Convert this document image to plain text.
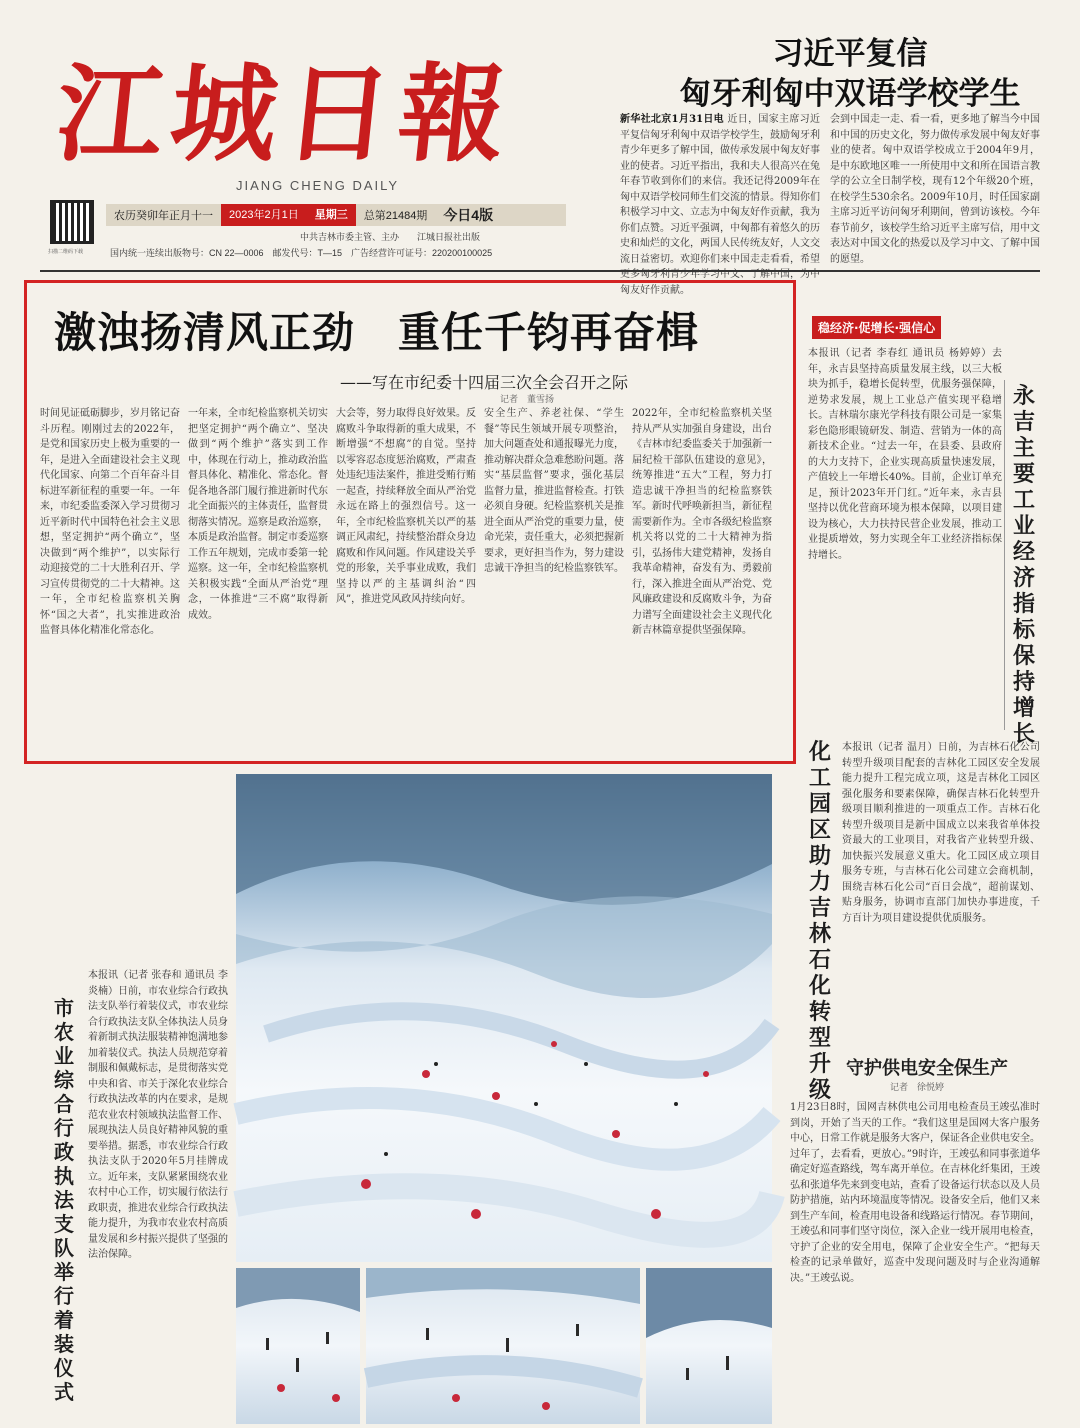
江城日報
JIANG CHENG DAILY
扫描二维码下载
农历癸卯年正月十一	2023年2月1日	星期三	总第21484期	今日4版
中共吉林市委主管、主办　　江城日报社出版
国内统一连续出版物号：CN 22—0006　邮发代号：T—15　广告经营许可证号：220200100025
习近平复信
匈牙利匈中双语学校学生
新华社北京1月31日电 近日，国家主席习近平复信匈牙利匈中双语学校学生，鼓励匈牙利青少年更多了解中国，做传承发展中匈友好事业的使者。习近平指出，我和夫人很高兴在兔年春节收到你们的来信。我还记得2009年在匈中双语学校同师生们交流的情景。得知你们积极学习中文、立志为中匈友好作贡献，我为你们点赞。习近平强调，中匈都有着悠久的历史和灿烂的文化，两国人民传统友好，人文交流日益密切。欢迎你们来中国走走看看，希望更多匈牙利青少年学习中文、了解中国，为中匈友好作贡献。
会到中国走一走、看一看，更多地了解当今中国和中国的历史文化，努力做传承发展中匈友好事业的使者。匈中双语学校成立于2004年9月，是中东欧地区唯一一所使用中文和所在国语言教学的公立全日制学校，现有12个年级20个班，在校学生530余名。2009年10月，时任国家副主席习近平访问匈牙利期间，曾到访该校。今年春节前夕，该校学生给习近平主席写信，用中文表达对中国文化的热爱以及学习中文、了解中国的愿望。
激浊扬清风正劲　重任千钧再奋楫
——写在市纪委十四届三次全会召开之际
记者　董雪扬
时间见证砥砺脚步，岁月铭记奋斗历程。刚刚过去的2022年，是党和国家历史上极为重要的一年，是进入全面建设社会主义现代化国家、向第二个百年奋斗目标进军新征程的重要一年。一年来，市纪委监委深入学习贯彻习近平新时代中国特色社会主义思想，坚定拥护“两个确立”，坚决做到“两个维护”，以实际行动迎接党的二十大胜利召开、学习宣传贯彻党的二十大精神。这一年，全市纪检监察机关胸怀“国之大者”，扎实推进政治监督具体化精准化常态化。
一年来，全市纪检监察机关切实把坚定拥护“两个确立”、坚决做到“两个维护”落实到工作中，体现在行动上，推动政治监督具体化、精准化、常态化。督促各地各部门履行推进新时代东北全面振兴的主体责任，监督贯彻落实情况。巡察是政治巡察，本质是政治监督。制定市委巡察工作五年规划，完成市委第一轮巡察。这一年，全市纪检监察机关积极实践“全面从严治党”理念，一体推进“三不腐”取得新成效。
大会等，努力取得良好效果。反腐败斗争取得新的重大成果，不断增强“不想腐”的自觉。坚持以零容忍态度惩治腐败，严肃查处违纪违法案件，推进受贿行贿一起查，持续释放全面从严治党永远在路上的强烈信号。这一年，全市纪检监察机关以严的基调正风肃纪，持续整治群众身边腐败和作风问题。作风建设关乎党的形象，关乎事业成败，我们坚持以严的主基调纠治“四风”，推进党风政风持续向好。
安全生产、养老社保、“学生餐”等民生领域开展专项整治，加大问题查处和通报曝光力度，推动解决群众急难愁盼问题。落实“基层监督”要求，强化基层监督力量，推进监督检查。打铁必须自身硬。纪检监察机关是推进全面从严治党的重要力量，使命光荣，责任重大，必须把握新要求，更好担当作为，努力建设忠诚干净担当的纪检监察铁军。
2022年，全市纪检监察机关坚持从严从实加强自身建设，出台《吉林市纪委监委关于加强新一届纪检干部队伍建设的意见》，统筹推进“五大”工程，努力打造忠诚干净担当的纪检监察铁军。新时代呼唤新担当，新征程需要新作为。全市各级纪检监察机关将以党的二十大精神为指引，弘扬伟大建党精神，发扬自我革命精神，奋发有为、勇毅前行，深入推进全面从严治党、党风廉政建设和反腐败斗争，为奋力谱写全面建设社会主义现代化新吉林篇章提供坚强保障。
稳经济·促增长·强信心
本报讯（记者 李春红 通讯员 杨婷婷）去年，永吉县坚持高质量发展主线，以三大板块为抓手，稳增长促转型，优服务强保障，逆势求发展，规上工业总产值实现平稳增长。吉林瑞尔康光学科技有限公司是一家集彩色隐形眼镜研发、制造、营销为一体的高新技术企业。“过去一年，在县委、县政府的大力支持下，企业实现高质量快速发展，产值较上一年增长40%。目前，企业订单充足，预计2023年开门红。”近年来，永吉县坚持以优化营商环境为根本保障，以项目建设为核心，大力扶持民营企业发展，推动工业提质增效，努力实现全年工业经济指标保持增长。
永吉主要工业经济指标保持增长
化工园区助力吉林石化转型升级
本报讯（记者 温月）日前，为吉林石化公司转型升级项目配套的吉林化工园区安全发展能力提升工程完成立项，这是吉林化工园区强化服务和要素保障，确保吉林石化转型升级项目顺利推进的一项重点工作。吉林石化转型升级项目是新中国成立以来我省单体投资最大的工业项目，对我省产业转型升级、加快振兴发展意义重大。化工园区成立项目服务专班，与吉林石化公司建立会商机制，围绕吉林石化公司“百日会战”，超前谋划、贴身服务，协调市直部门加快办事进度，千方百计为项目建设提供优质服务。
守护供电安全保生产
记者　徐悦婷
1月23日8时，国网吉林供电公司用电检查员王竣弘准时到岗，开始了当天的工作。“我们这里是国网大客户服务中心，日常工作就是服务大客户，保证各企业供电安全。过年了，去看看，更放心。”9时许，王竣弘和同事张道华确定好巡查路线，驾车离开单位。在吉林化纤集团，王竣弘和张道华先来到变电站，查看了设备运行状态以及人员防护措施，站内环境温度等情况。设备安全后，他们又来到生产车间，检查用电设备和线路运行情况。春节期间，王竣弘和同事们坚守岗位，深入企业一线开展用电检查，守护了企业的安全用电，保障了企业安全生产。“把每天检查的记录单做好，巡查中发现问题及时与企业沟通解决。”王竣弘说。
市农业综合行政执法支队举行着装仪式
本报讯（记者 张春和 通讯员 李炎楠）日前，市农业综合行政执法支队举行着装仪式，市农业综合行政执法支队全体执法人员身着新制式执法服装精神饱满地参加着装仪式。执法人员规范穿着制服和佩戴标志，是贯彻落实党中央和省、市关于深化农业综合行政执法改革的内在要求，是规范农业农村领域执法监督工作、展现执法人员良好精神风貌的重要举措。据悉，市农业综合行政执法支队于2020年5月挂牌成立。近年来，支队紧紧围绕农业农村中心工作，切实履行依法行政职责，推进农业综合行政执法能力提升，为我市农业农村高质量发展和乡村振兴提供了坚强的法治保障。
